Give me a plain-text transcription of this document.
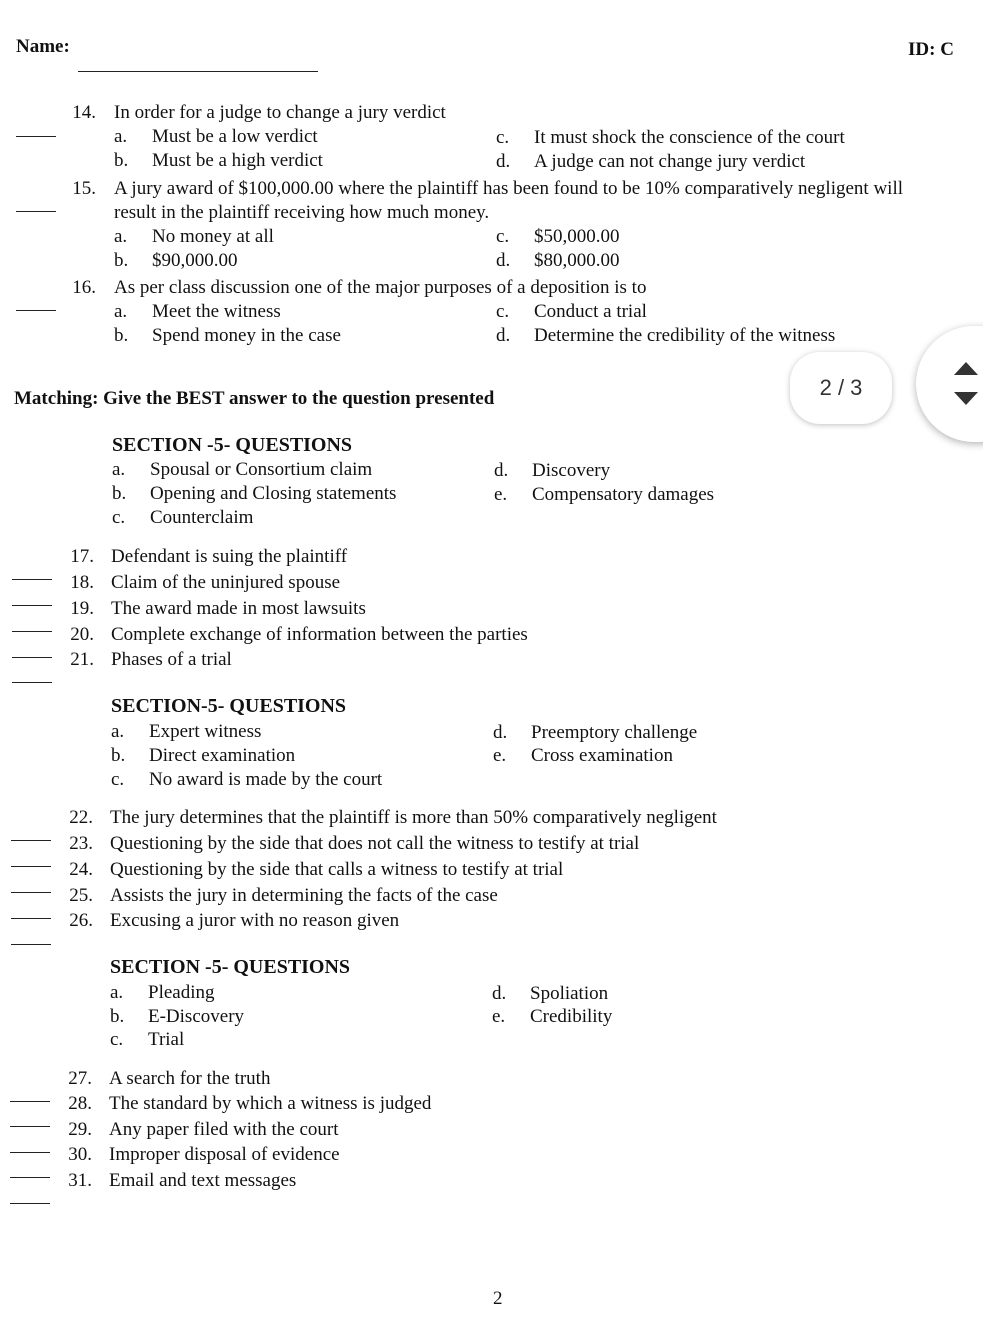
Name:	ID: C
14. In order for a judge to change a jury verdict
a. Must be a low verdict
b. Must be a high verdict
c. It must shock the conscience of the court
d. A judge can not change jury verdict
15. A jury award of $100,000.00 where the plaintiff has been found to be 10% comparatively negligent will
result in the plaintiff receiving how much money.
a. No money at all
b. $90,000.00
c. $50,000.00
d. $80,000.00
16. As per class discussion one of the major purposes of a deposition is to
a. Meet the witness
b. Spend money in the case
c. Conduct a trial
d. Determine the credibility of the witness
Matching: Give the BEST answer to the question presented
SECTION -5- QUESTIONS
a. Spousal or Consortium claim
b. Opening and Closing statements
c. Counterclaim
d. Discovery
e. Compensatory damages
17. Defendant is suing the plaintiff
18. Claim of the uninjured spouse
19. The award made in most lawsuits
20. Complete exchange of information between the parties
21. Phases of a trial
SECTION-5- QUESTIONS
a. Expert witness
b. Direct examination
c. No award is made by the court
d. Preemptory challenge
e. Cross examination
22. The jury determines that the plaintiff is more than 50% comparatively negligent
23. Questioning by the side that does not call the witness to testify at trial
24. Questioning by the side that calls a witness to testify at trial
25. Assists the jury in determining the facts of the case
26. Excusing a juror with no reason given
SECTION -5- QUESTIONS
a. Pleading
b. E-Discovery
c. Trial
d. Spoliation
e. Credibility
27. A search for the truth
28. The standard by which a witness is judged
29. Any paper filed with the court
30. Improper disposal of evidence
31. Email and text messages
2
2 / 3
